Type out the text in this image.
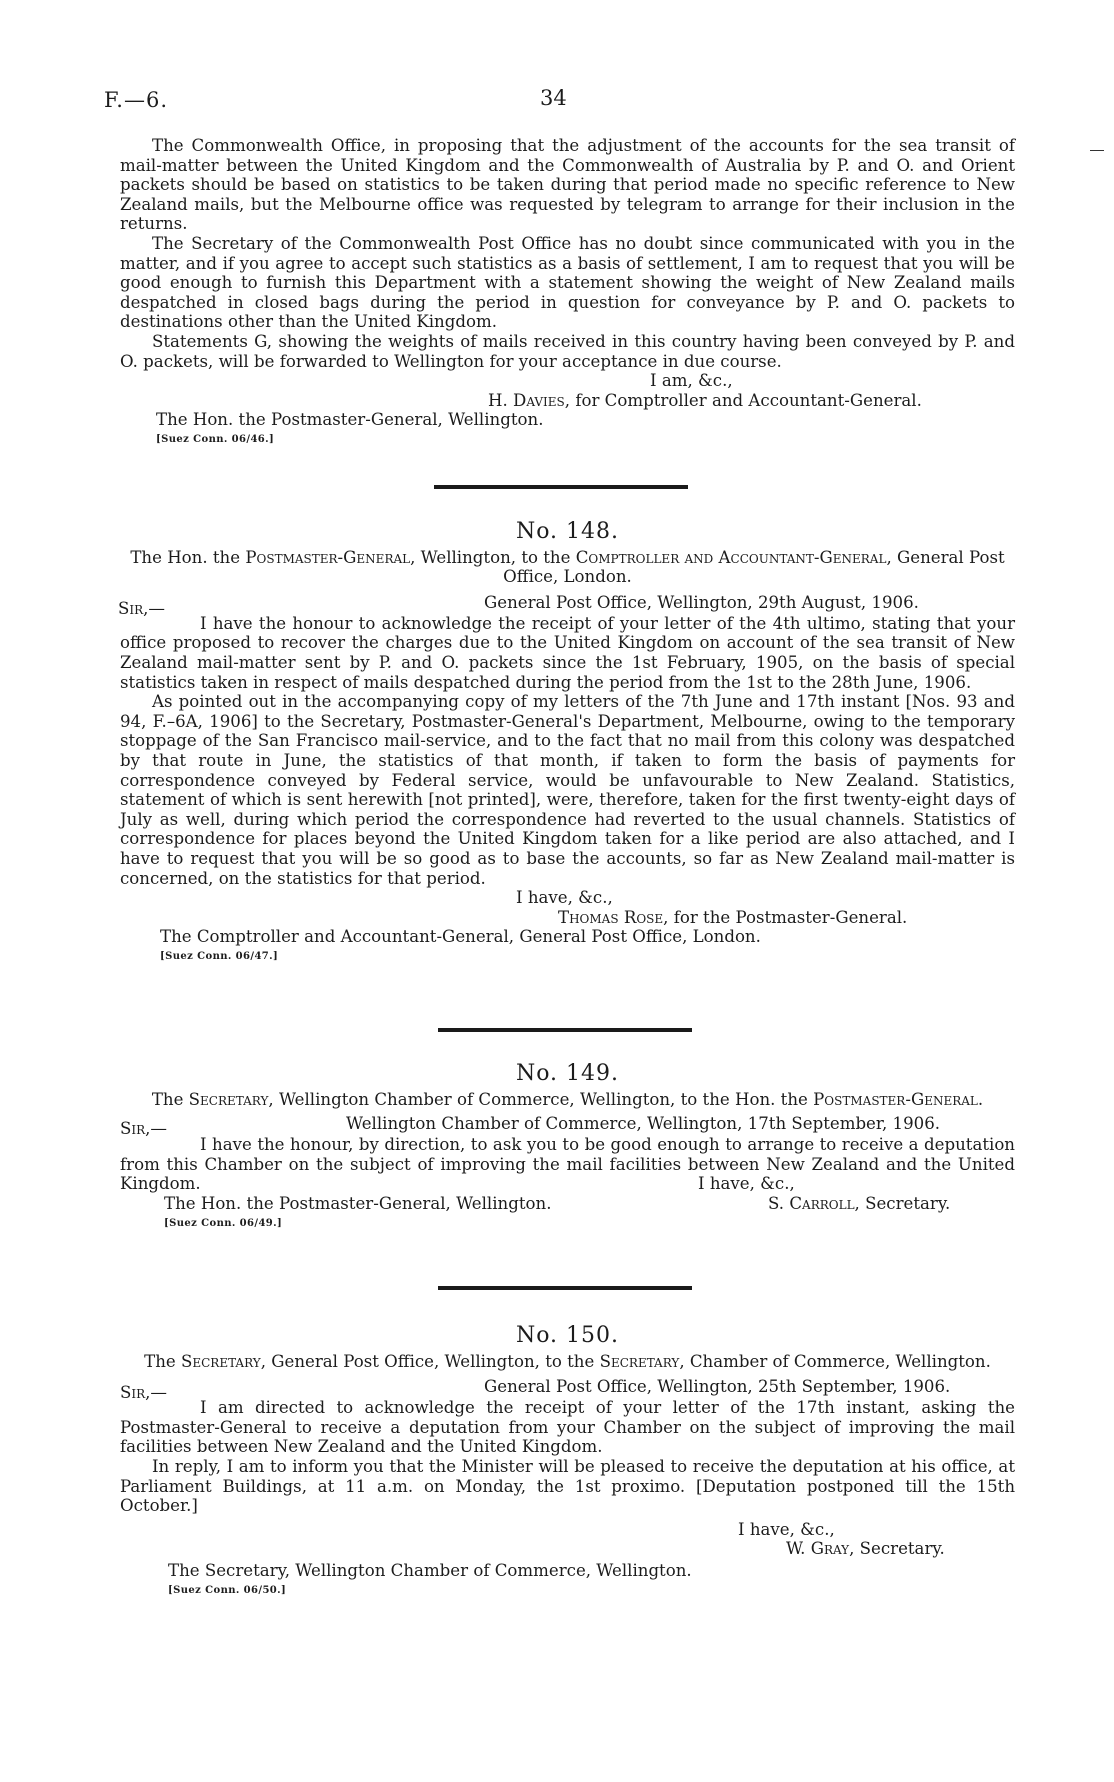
F.—6.	34

The Commonwealth Office, in proposing that the adjustment of the accounts for the sea transit of mail-matter between the United Kingdom and the Commonwealth of Australia by P. and O. and Orient packets should be based on statistics to be taken during that period made no specific reference to New Zealand mails, but the Melbourne office was requested by telegram to arrange for their inclusion in the returns.

The Secretary of the Commonwealth Post Office has no doubt since communicated with you in the matter, and if you agree to accept such statistics as a basis of settlement, I am to request that you will be good enough to furnish this Department with a statement showing the weight of New Zealand mails despatched in closed bags during the period in question for conveyance by P. and O. packets to destinations other than the United Kingdom.

Statements G, showing the weights of mails received in this country having been conveyed by P. and O. packets, will be forwarded to Wellington for your acceptance in due course.

I am, &c.,
H. Davies, for Comptroller and Accountant-General.
The Hon. the Postmaster-General, Wellington.
[Suez Conn. 06/46.]
No. 148.
The Hon. the Postmaster-General, Wellington, to the Comptroller and Accountant-General, General Post Office, London.
Sir,—	General Post Office, Wellington, 29th August, 1906.

I have the honour to acknowledge the receipt of your letter of the 4th ultimo, stating that your office proposed to recover the charges due to the United Kingdom on account of the sea transit of New Zealand mail-matter sent by P. and O. packets since the 1st February, 1905, on the basis of special statistics taken in respect of mails despatched during the period from the 1st to the 28th June, 1906.

As pointed out in the accompanying copy of my letters of the 7th June and 17th instant [Nos. 93 and 94, F.–6A, 1906] to the Secretary, Postmaster-General's Department, Melbourne, owing to the temporary stoppage of the San Francisco mail-service, and to the fact that no mail from this colony was despatched by that route in June, the statistics of that month, if taken to form the basis of payments for correspondence conveyed by Federal service, would be unfavourable to New Zealand. Statistics, statement of which is sent herewith [not printed], were, therefore, taken for the first twenty-eight days of July as well, during which period the correspondence had reverted to the usual channels. Statistics of correspondence for places beyond the United Kingdom taken for a like period are also attached, and I have to request that you will be so good as to base the accounts, so far as New Zealand mail-matter is concerned, on the statistics for that period.

I have, &c.,
Thomas Rose, for the Postmaster-General.
The Comptroller and Accountant-General, General Post Office, London.
[Suez Conn. 06/47.]
No. 149.
The Secretary, Wellington Chamber of Commerce, Wellington, to the Hon. the Postmaster-General.
Sir,—	Wellington Chamber of Commerce, Wellington, 17th September, 1906.

I have the honour, by direction, to ask you to be good enough to arrange to receive a deputation from this Chamber on the subject of improving the mail facilities between New Zealand and the United Kingdom.	I have, &c.,
The Hon. the Postmaster-General, Wellington.	S. Carroll, Secretary.
[Suez Conn. 06/49.]
No. 150.
The Secretary, General Post Office, Wellington, to the Secretary, Chamber of Commerce, Wellington.
Sir,—	General Post Office, Wellington, 25th September, 1906.

I am directed to acknowledge the receipt of your letter of the 17th instant, asking the Postmaster-General to receive a deputation from your Chamber on the subject of improving the mail facilities between New Zealand and the United Kingdom.

In reply, I am to inform you that the Minister will be pleased to receive the deputation at his office, at Parliament Buildings, at 11 a.m. on Monday, the 1st proximo. [Deputation postponed till the 15th October.]

I have, &c.,
W. Gray, Secretary.
The Secretary, Wellington Chamber of Commerce, Wellington.
[Suez Conn. 06/50.]
